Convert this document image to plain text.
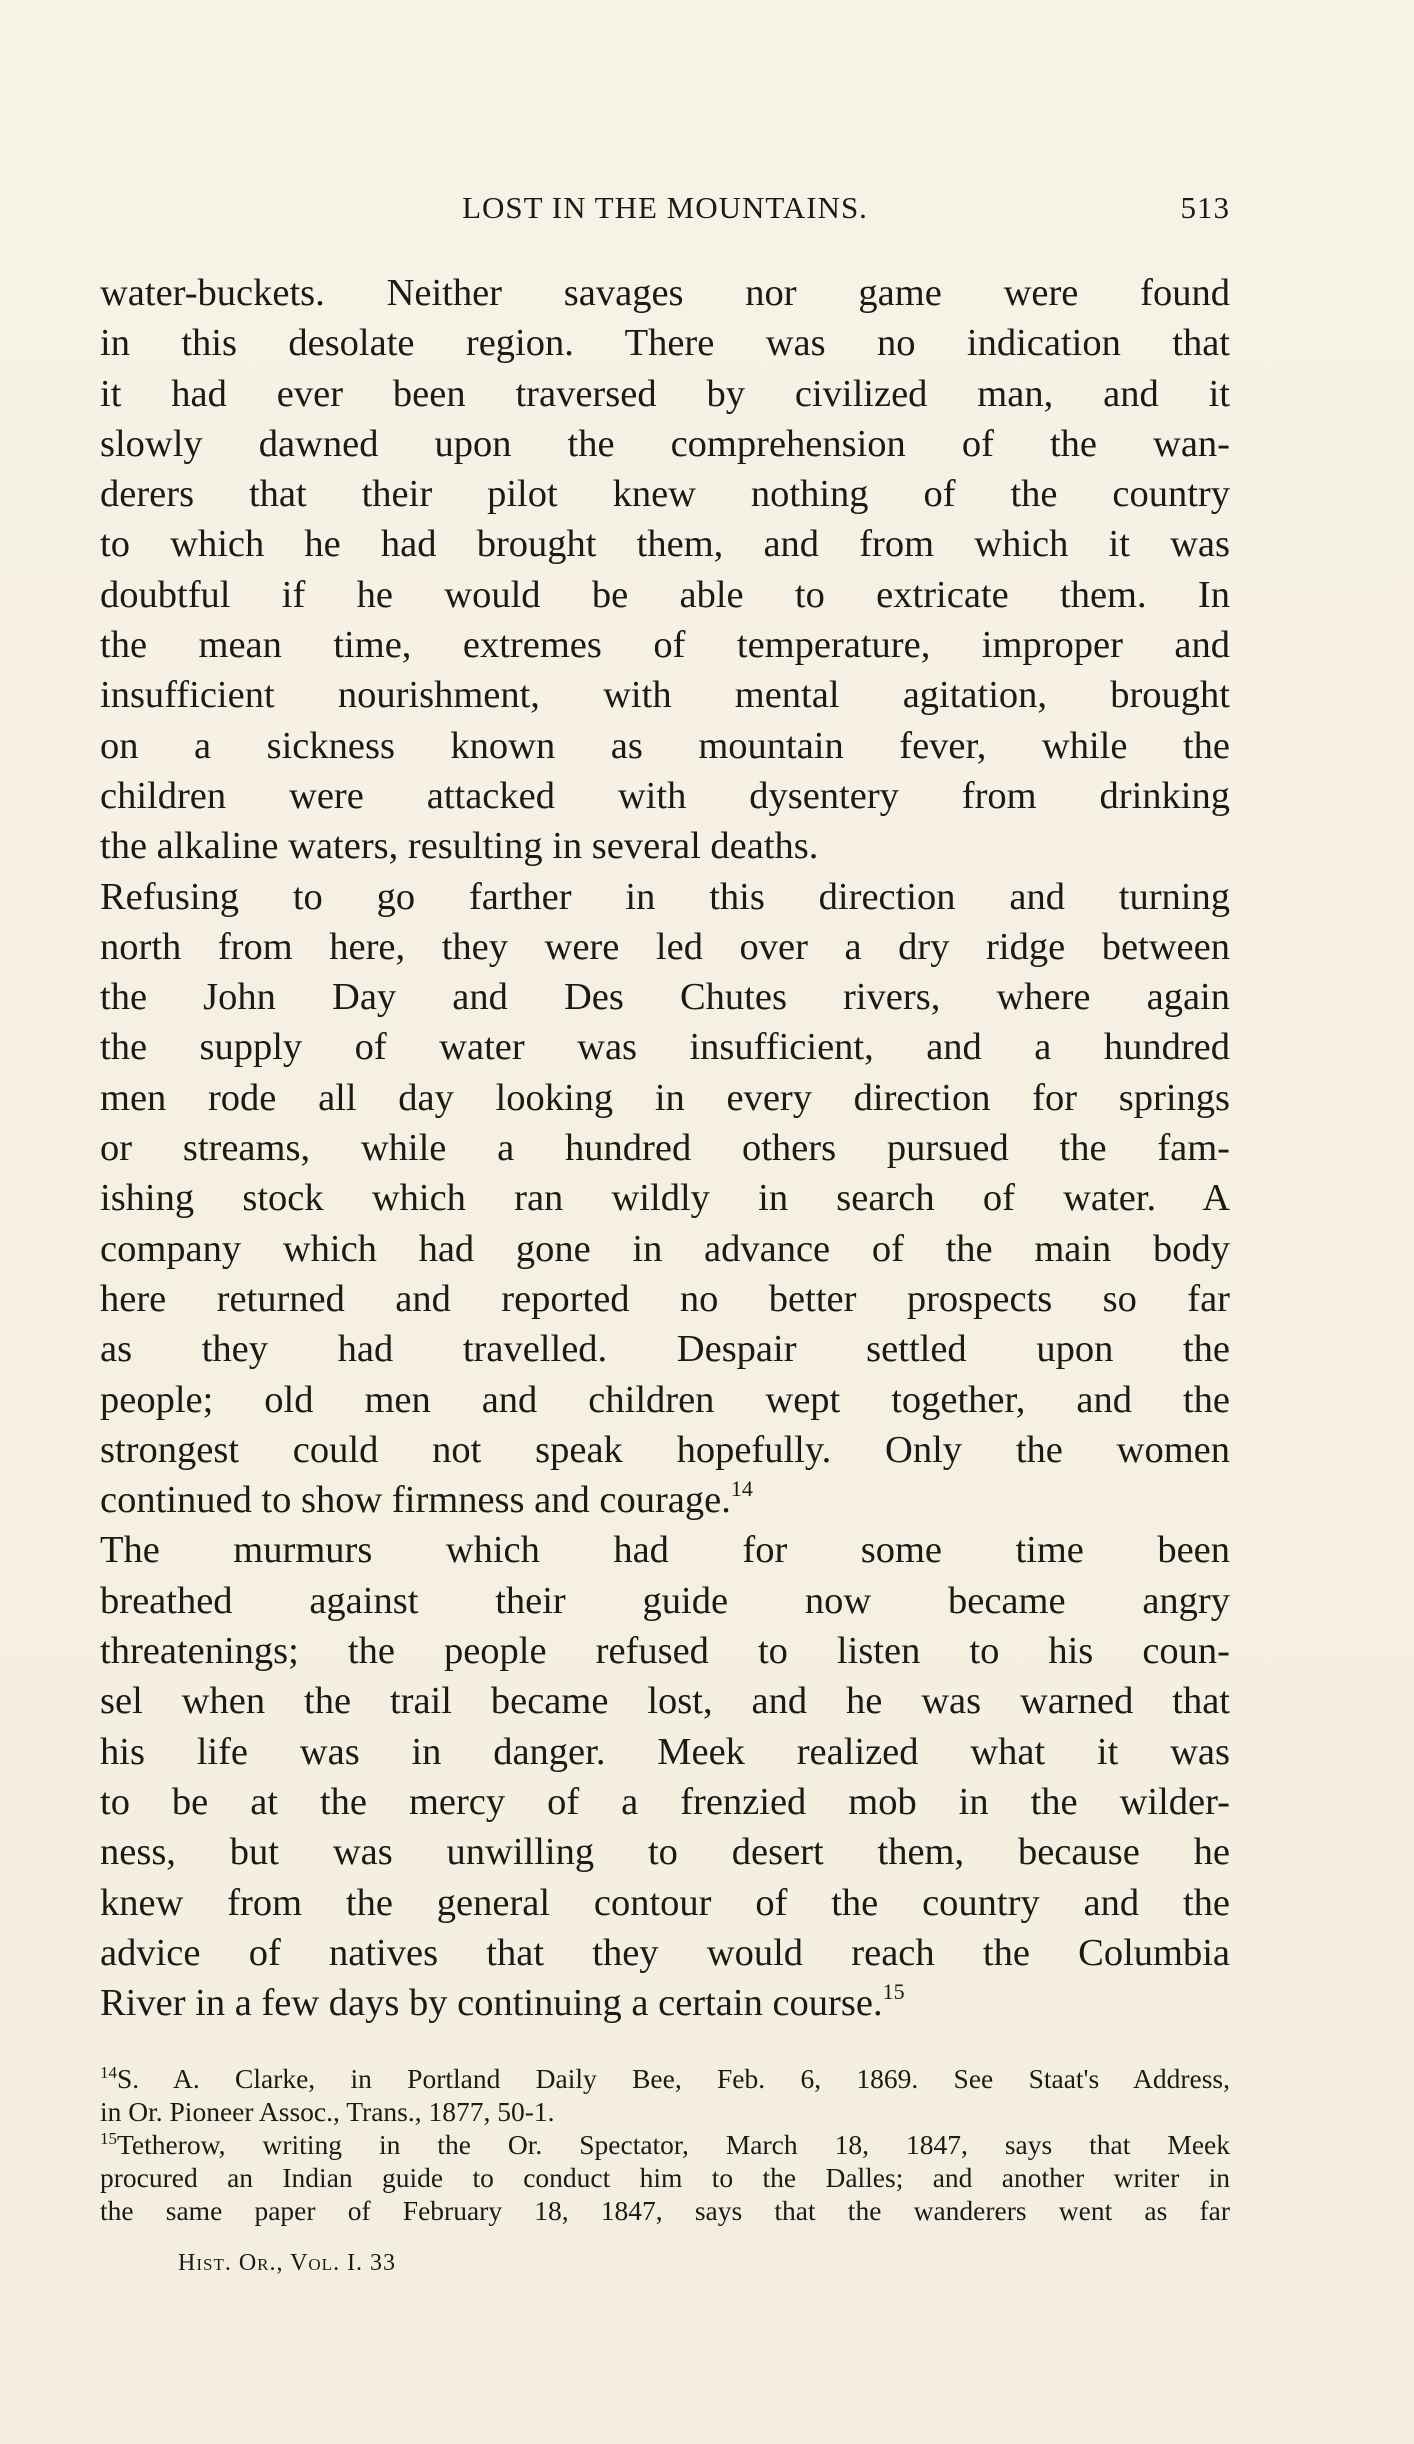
LOST IN THE MOUNTAINS.	513
water-buckets. Neither savages nor game were found
in this desolate region. There was no indication that
it had ever been traversed by civilized man, and it
slowly dawned upon the comprehension of the wan-
derers that their pilot knew nothing of the country
to which he had brought them, and from which it was
doubtful if he would be able to extricate them. In
the mean time, extremes of temperature, improper and
insufficient nourishment, with mental agitation, brought
on a sickness known as mountain fever, while the
children were attacked with dysentery from drinking
the alkaline waters, resulting in several deaths.
Refusing to go farther in this direction and turning
north from here, they were led over a dry ridge between
the John Day and Des Chutes rivers, where again
the supply of water was insufficient, and a hundred
men rode all day looking in every direction for springs
or streams, while a hundred others pursued the fam-
ishing stock which ran wildly in search of water. A
company which had gone in advance of the main body
here returned and reported no better prospects so far
as they had travelled. Despair settled upon the
people; old men and children wept together, and the
strongest could not speak hopefully. Only the women
continued to show firmness and courage.$^{14}$
The murmurs which had for some time been
breathed against their guide now became angry
threatenings; the people refused to listen to his coun-
sel when the trail became lost, and he was warned that
his life was in danger. Meek realized what it was
to be at the mercy of a frenzied mob in the wilder-
ness, but was unwilling to desert them, because he
knew from the general contour of the country and the
advice of natives that they would reach the Columbia
River in a few days by continuing a certain course.$^{15}$
$^{14}$S. A. Clarke, in Portland Daily Bee, Feb. 6, 1869. See Staat's Address,
in Or. Pioneer Assoc., Trans., 1877, 50-1.
$^{15}$Tetherow, writing in the Or. Spectator, March 18, 1847, says that Meek
procured an Indian guide to conduct him to the Dalles; and another writer in
the same paper of February 18, 1847, says that the wanderers went as far
Hist. Or., Vol. I. 33
